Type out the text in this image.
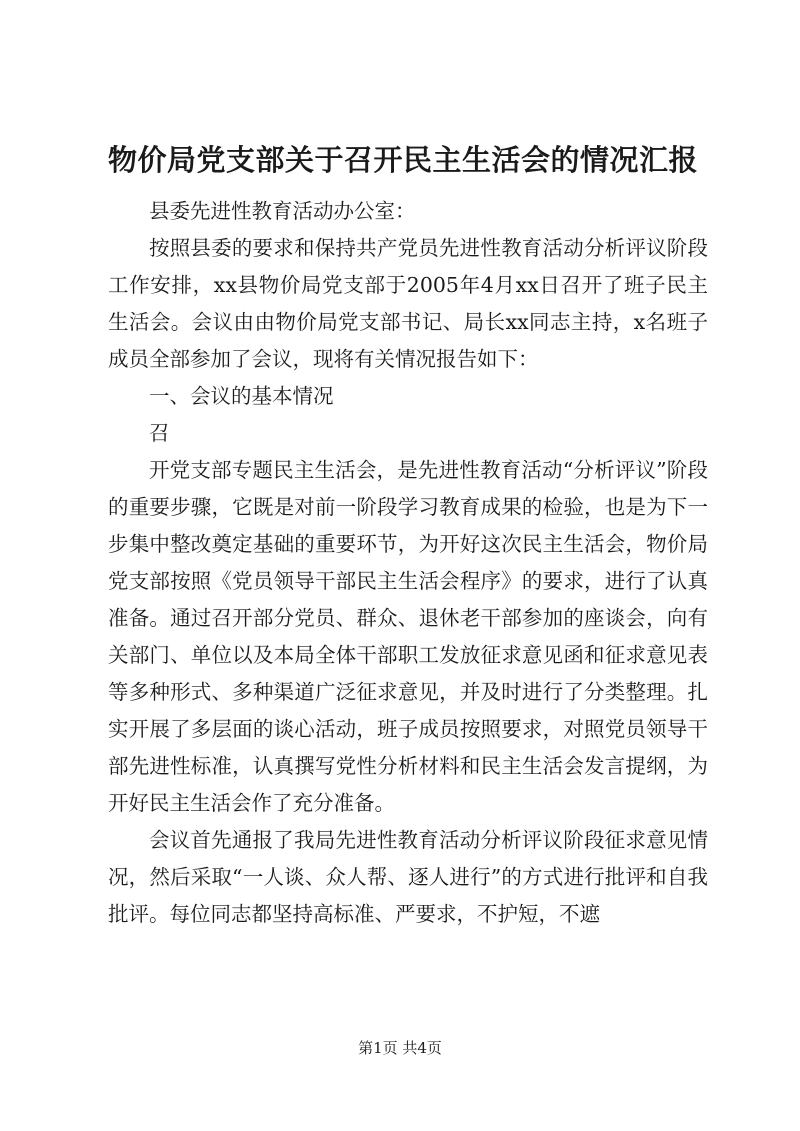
物价局党支部关于召开民主生活会的情况汇报

县委先进性教育活动办公室：

按照县委的要求和保持共产党员先进性教育活动分析评议阶段工作安排，xx县物价局党支部于2005年4月xx日召开了班子民主生活会。会议由由物价局党支部书记、局长xx同志主持，x名班子成员全部参加了会议，现将有关情况报告如下：

一、会议的基本情况

召

开党支部专题民主生活会，是先进性教育活动“分析评议”阶段的重要步骤，它既是对前一阶段学习教育成果的检验，也是为下一步集中整改奠定基础的重要环节，为开好这次民主生活会，物价局党支部按照《党员领导干部民主生活会程序》的要求，进行了认真准备。通过召开部分党员、群众、退休老干部参加的座谈会，向有关部门、单位以及本局全体干部职工发放征求意见函和征求意见表等多种形式、多种渠道广泛征求意见，并及时进行了分类整理。扎实开展了多层面的谈心活动，班子成员按照要求，对照党员领导干部先进性标准，认真撰写党性分析材料和民主生活会发言提纲，为开好民主生活会作了充分准备。

会议首先通报了我局先进性教育活动分析评议阶段征求意见情况，然后采取“一人谈、众人帮、逐人进行”的方式进行批评和自我批评。每位同志都坚持高标准、严要求，不护短，不遮

第1页 共4页
